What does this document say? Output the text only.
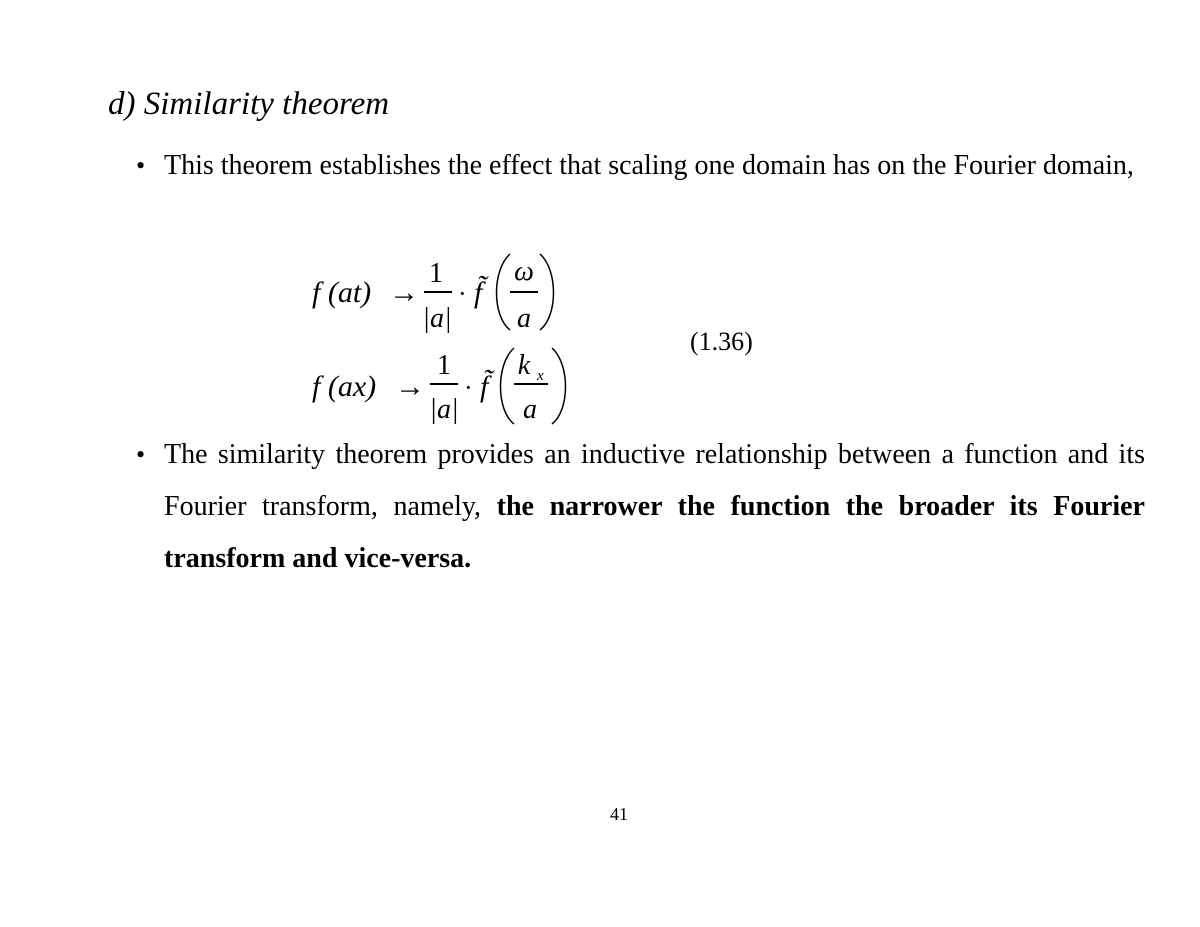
d) Similarity theorem
• This theorem establishes the effect that scaling one domain has on the Fourier domain,
• The similarity theorem provides an inductive relationship between a function and its Fourier transform, namely, the narrower the function the broader its Fourier transform and vice-versa.
f (at) →
1
|a|
· f̃
ω
a
f (ax) →
1
|a|
· f̃
k x
a
(1.36)
41
